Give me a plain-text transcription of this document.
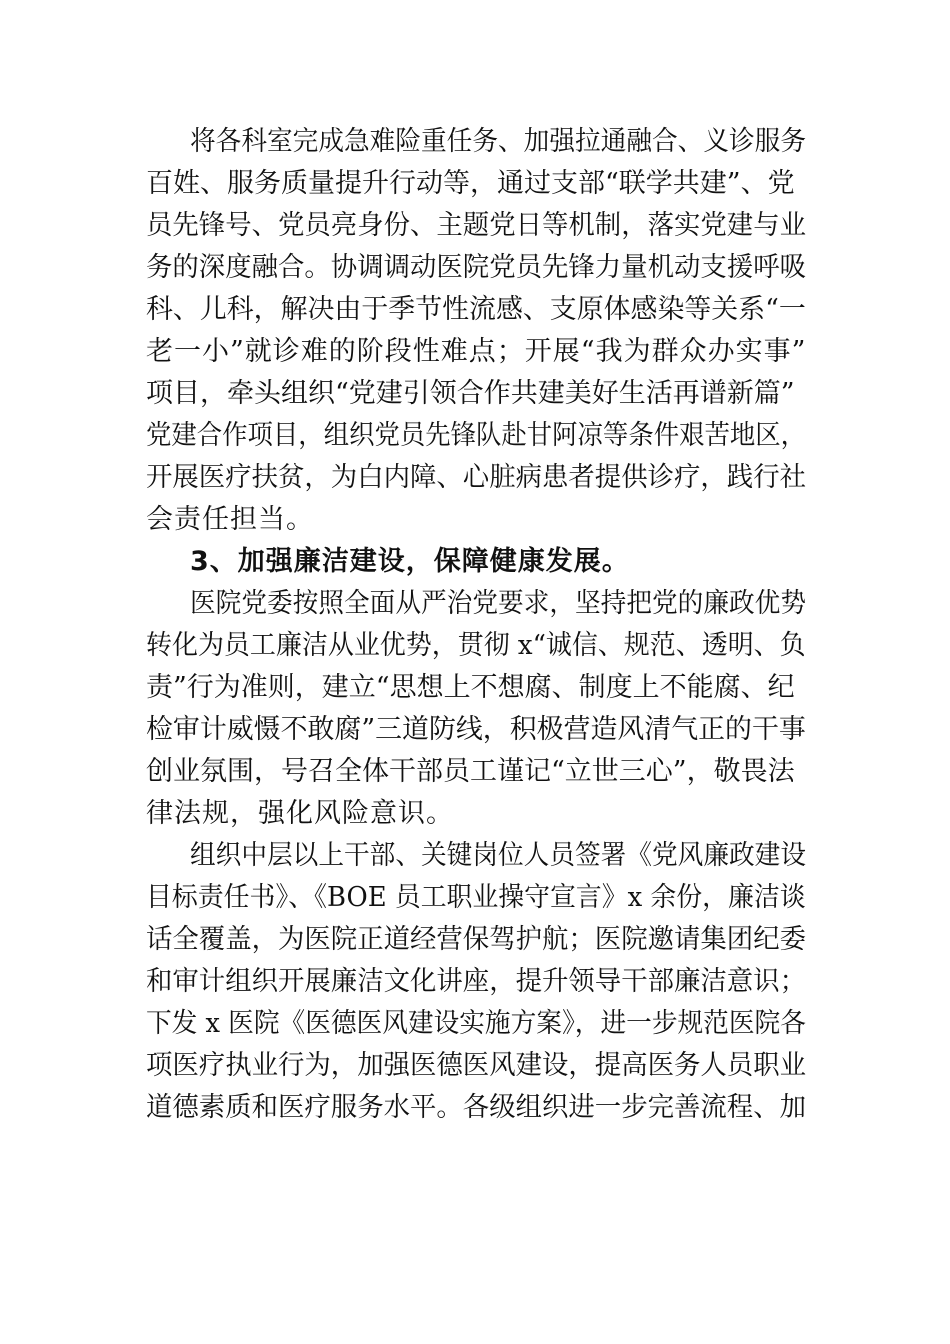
将各科室完成急难险重任务、加强拉通融合、义诊服务
百姓、服务质量提升行动等，通过支部“联学共建”、党
员先锋号、党员亮身份、主题党日等机制，落实党建与业
务的深度融合。协调调动医院党员先锋力量机动支援呼吸
科、儿科，解决由于季节性流感、支原体感染等关系“一
老一小”就诊难的阶段性难点；开展“我为群众办实事”
项目，牵头组织“党建引领合作共建美好生活再谱新篇”
党建合作项目，组织党员先锋队赴甘阿凉等条件艰苦地区，
开展医疗扶贫，为白内障、心脏病患者提供诊疗，践行社
会责任担当。
3、加强廉洁建设，保障健康发展。
医院党委按照全面从严治党要求，坚持把党的廉政优势
转化为员工廉洁从业优势，贯彻 x“诚信、规范、透明、负
责”行为准则，建立“思想上不想腐、制度上不能腐、纪
检审计威慑不敢腐”三道防线，积极营造风清气正的干事
创业氛围，号召全体干部员工谨记“立世三心”，敬畏法
律法规，强化风险意识。
组织中层以上干部、关键岗位人员签署《党风廉政建设
目标责任书》、《BOE 员工职业操守宣言》x 余份，廉洁谈
话全覆盖，为医院正道经营保驾护航；医院邀请集团纪委
和审计组织开展廉洁文化讲座，提升领导干部廉洁意识；
下发 x 医院《医德医风建设实施方案》，进一步规范医院各
项医疗执业行为，加强医德医风建设，提高医务人员职业
道德素质和医疗服务水平。各级组织进一步完善流程、加
